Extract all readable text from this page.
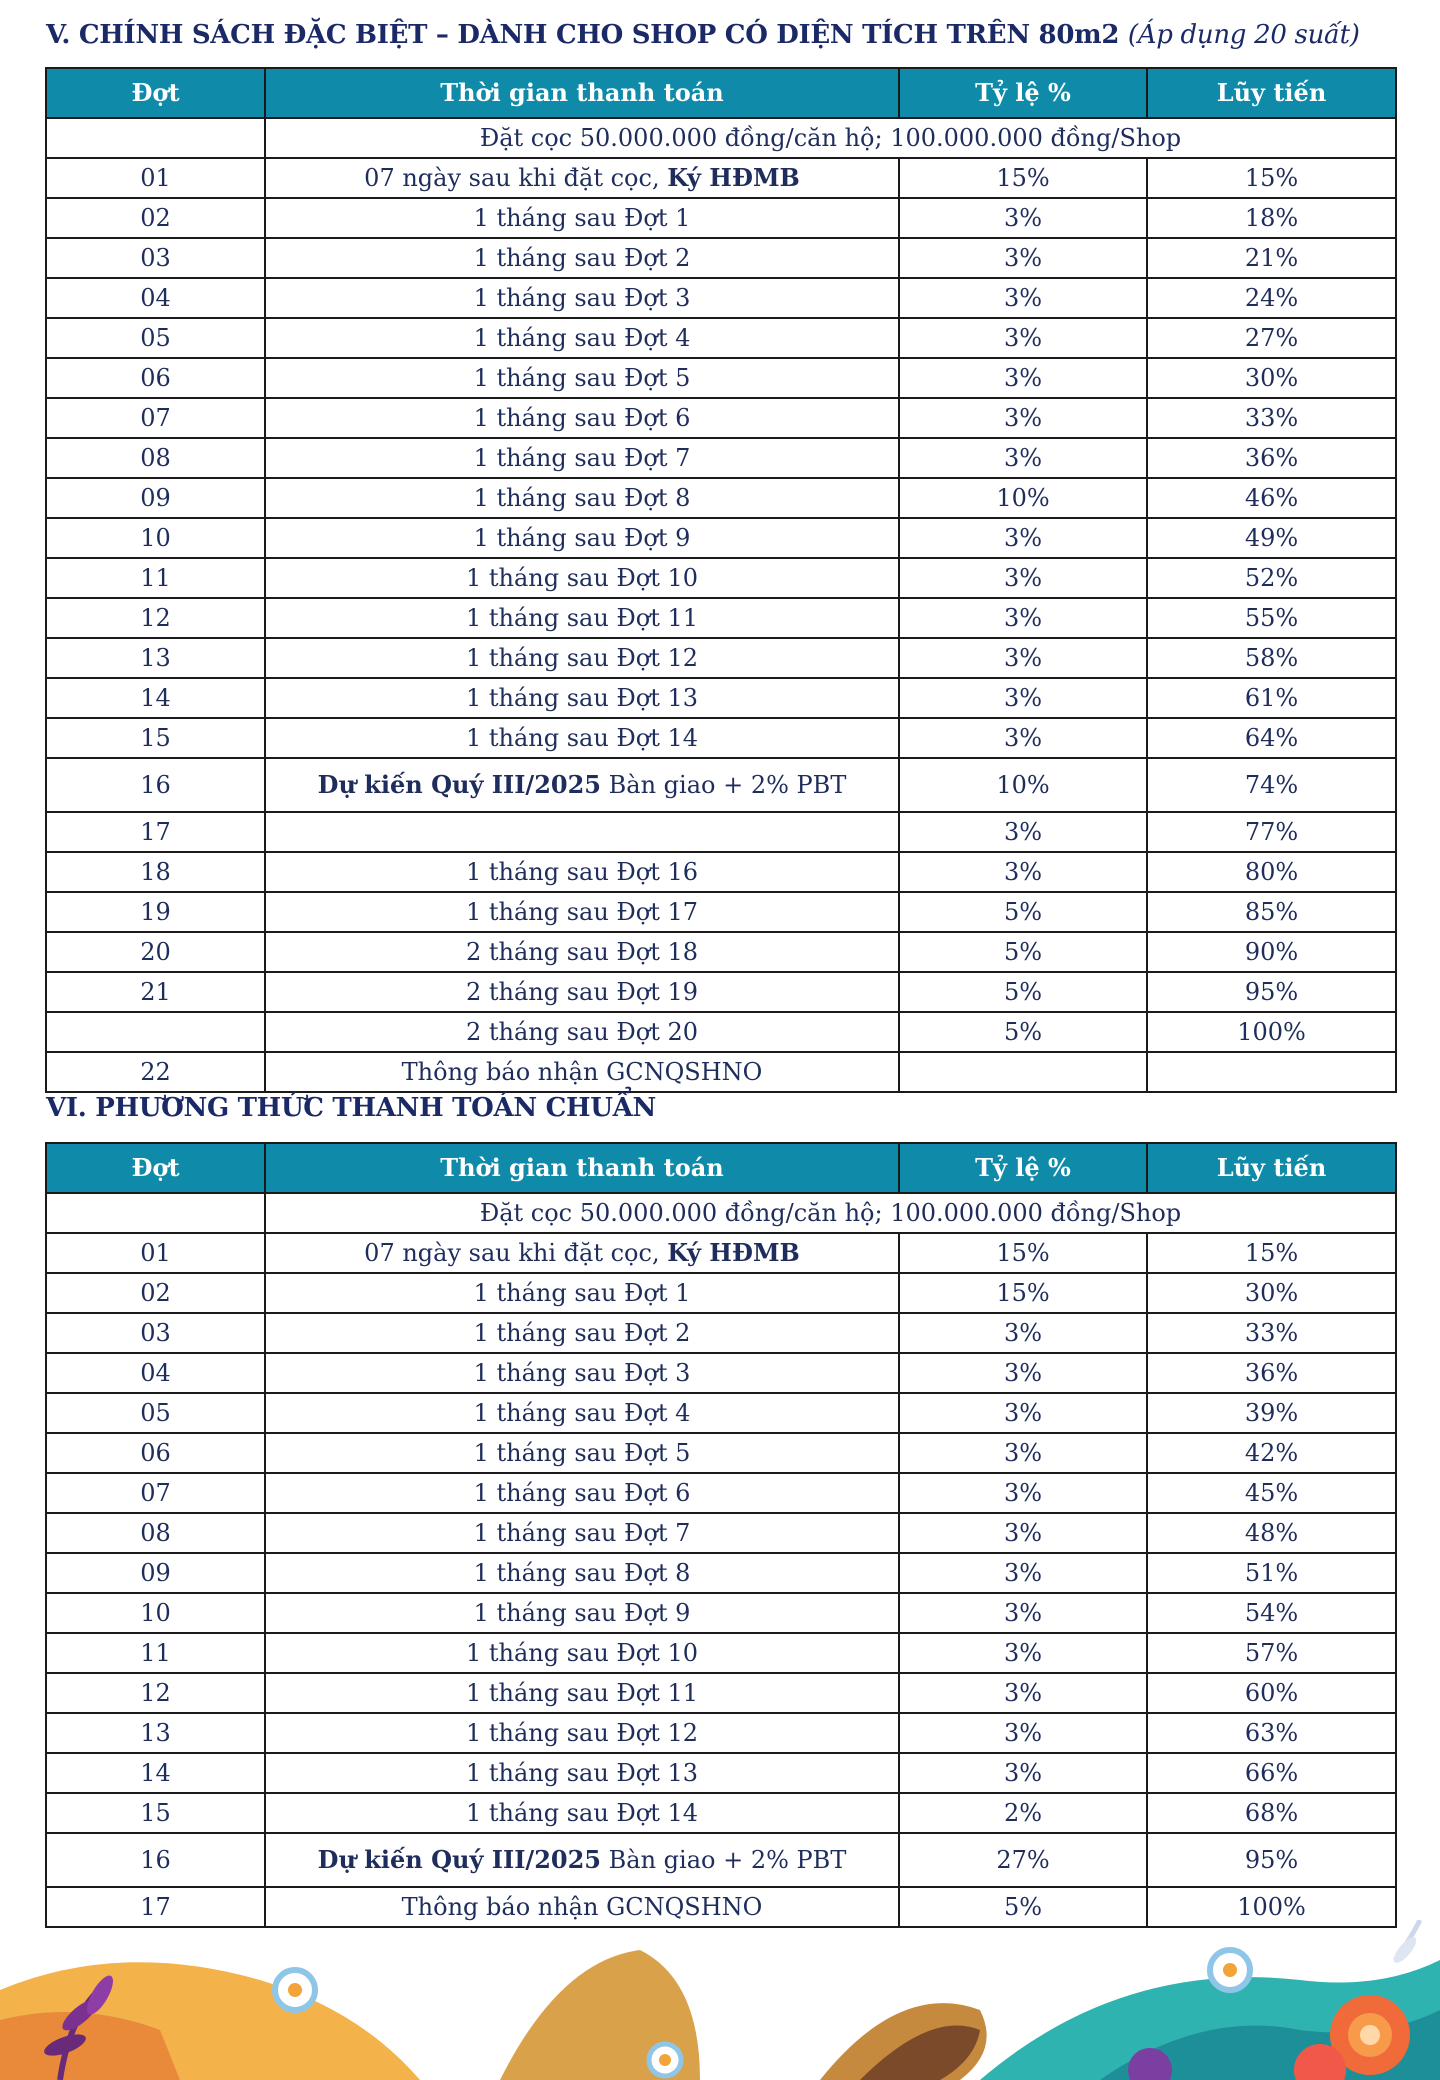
V. CHÍNH SÁCH ĐẶC BIỆT – DÀNH CHO SHOP CÓ DIỆN TÍCH TRÊN 80m2 (Áp dụng 20 suất)
Đợt	Thời gian thanh toán	Tỷ lệ %	Lũy tiến
	Đặt cọc 50.000.000 đồng/căn hộ; 100.000.000 đồng/Shop		
01	07 ngày sau khi đặt cọc, Ký HĐMB	15%	15%
02	1 tháng sau Đợt 1	3%	18%
03	1 tháng sau Đợt 2	3%	21%
04	1 tháng sau Đợt 3	3%	24%
05	1 tháng sau Đợt 4	3%	27%
06	1 tháng sau Đợt 5	3%	30%
07	1 tháng sau Đợt 6	3%	33%
08	1 tháng sau Đợt 7	3%	36%
09	1 tháng sau Đợt 8	10%	46%
10	1 tháng sau Đợt 9	3%	49%
11	1 tháng sau Đợt 10	3%	52%
12	1 tháng sau Đợt 11	3%	55%
13	1 tháng sau Đợt 12	3%	58%
14	1 tháng sau Đợt 13	3%	61%
15	1 tháng sau Đợt 14	3%	64%
16	Dự kiến Quý III/2025 Bàn giao + 2% PBT	10%	74%
17		3%	77%
18	1 tháng sau Đợt 16	3%	80%
19	1 tháng sau Đợt 17	5%	85%
20	2 tháng sau Đợt 18	5%	90%
21	2 tháng sau Đợt 19	5%	95%
	2 tháng sau Đợt 20	5%	100%
22	Thông báo nhận GCNQSHNO		
VI. PHƯƠNG THỨC THANH TOÁN CHUẨN
Đợt	Thời gian thanh toán	Tỷ lệ %	Lũy tiến
	Đặt cọc 50.000.000 đồng/căn hộ; 100.000.000 đồng/Shop		
01	07 ngày sau khi đặt cọc, Ký HĐMB	15%	15%
02	1 tháng sau Đợt 1	15%	30%
03	1 tháng sau Đợt 2	3%	33%
04	1 tháng sau Đợt 3	3%	36%
05	1 tháng sau Đợt 4	3%	39%
06	1 tháng sau Đợt 5	3%	42%
07	1 tháng sau Đợt 6	3%	45%
08	1 tháng sau Đợt 7	3%	48%
09	1 tháng sau Đợt 8	3%	51%
10	1 tháng sau Đợt 9	3%	54%
11	1 tháng sau Đợt 10	3%	57%
12	1 tháng sau Đợt 11	3%	60%
13	1 tháng sau Đợt 12	3%	63%
14	1 tháng sau Đợt 13	3%	66%
15	1 tháng sau Đợt 14	2%	68%
16	Dự kiến Quý III/2025 Bàn giao + 2% PBT	27%	95%
17	Thông báo nhận GCNQSHNO	5%	100%
